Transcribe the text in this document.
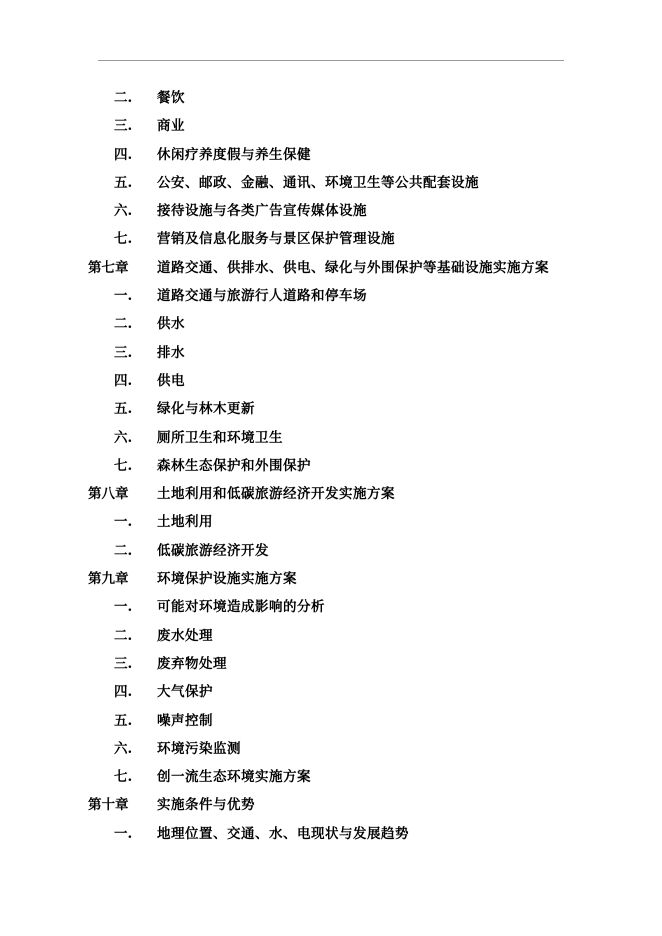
二. 餐饮
三. 商业
四. 休闲疗养度假与养生保健
五. 公安、邮政、金融、通讯、环境卫生等公共配套设施
六. 接待设施与各类广告宣传媒体设施
七. 营销及信息化服务与景区保护管理设施
第七章 道路交通、供排水、供电、绿化与外围保护等基础设施实施方案
一. 道路交通与旅游行人道路和停车场
二. 供水
三. 排水
四. 供电
五. 绿化与林木更新
六. 厕所卫生和环境卫生
七. 森林生态保护和外围保护
第八章 土地利用和低碳旅游经济开发实施方案
一. 土地利用
二. 低碳旅游经济开发
第九章 环境保护设施实施方案
一. 可能对环境造成影响的分析
二. 废水处理
三. 废弃物处理
四. 大气保护
五. 噪声控制
六. 环境污染监测
七. 创一流生态环境实施方案
第十章 实施条件与优势
一. 地理位置、交通、水、电现状与发展趋势
